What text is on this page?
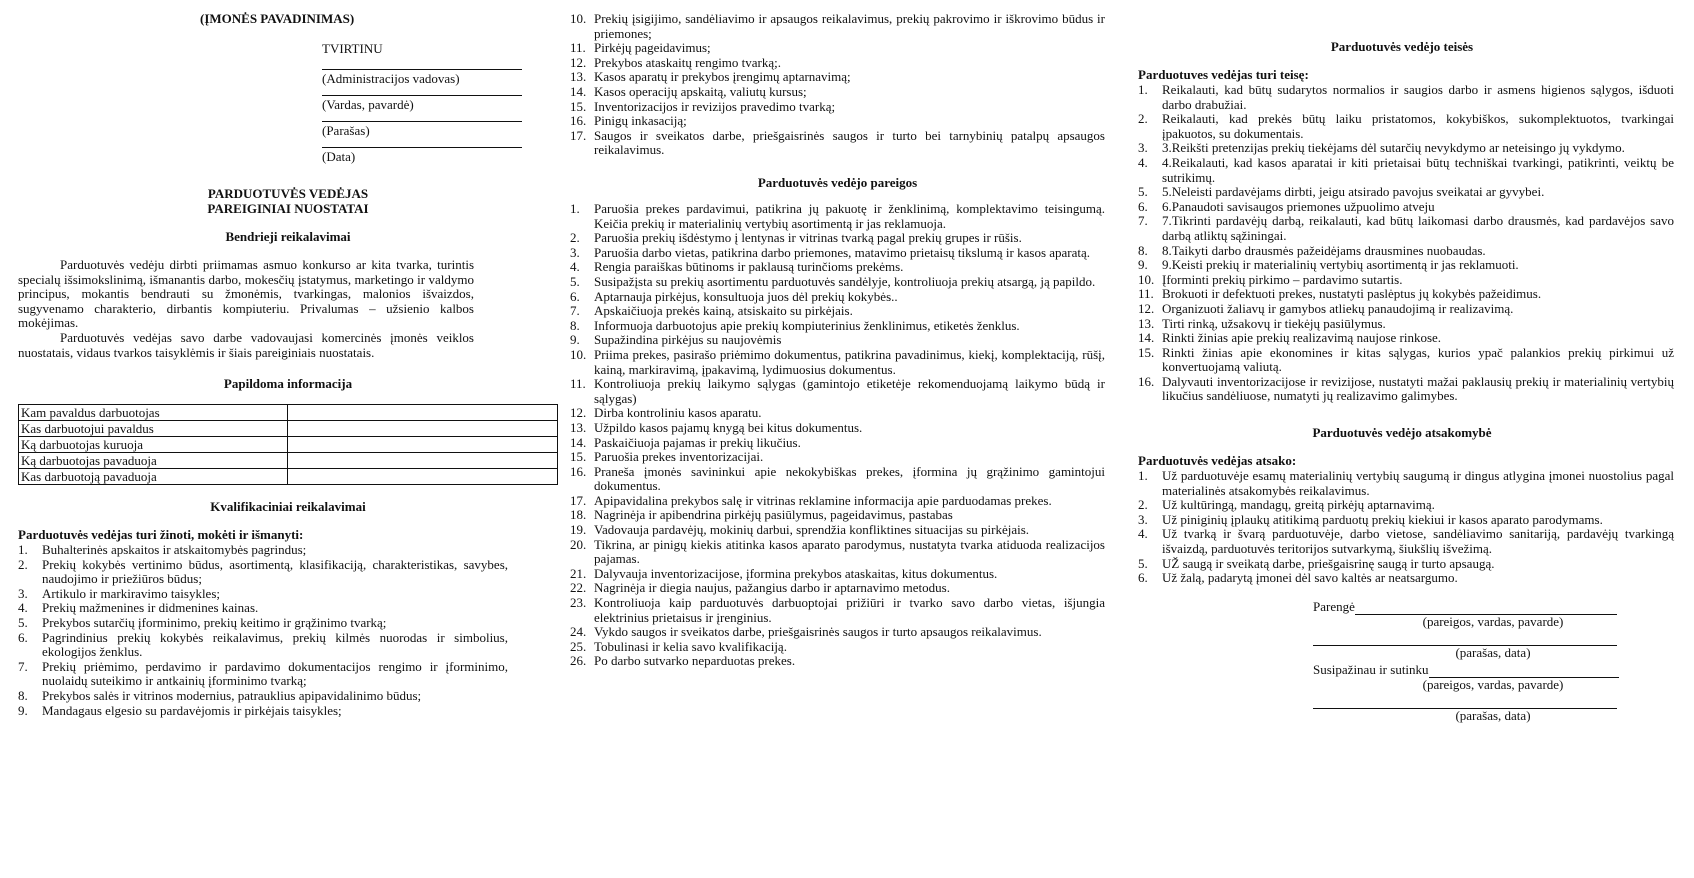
(ĮMONĖS PAVADINIMAS)
TVIRTINU
(Administracijos vadovas)
(Vardas, pavardė)
(Parašas)
(Data)
PARDUOTUVĖS VEDĖJAS
PAREIGINIAI NUOSTATAI
Bendrieji reikalavimai
Parduotuvės vedėju dirbti priimamas asmuo konkurso ar kita tvarka, turintis specialų išsimokslinimą, išmanantis darbo, mokesčių įstatymus, marketingo ir valdymo principus, mokantis bendrauti su žmonėmis, tvarkingas, malonios išvaizdos, sugyvenamo charakterio, dirbantis kompiuteriu. Privalumas – užsienio kalbos mokėjimas.
Parduotuvės vedėjas savo darbe vadovaujasi komercinės įmonės veiklos nuostatais, vidaus tvarkos taisyklėmis ir šiais pareiginiais nuostatais.
Papildoma informacija
Kam pavaldus darbuotojas	
Kas darbuotojui pavaldus	
Ką darbuotojas kuruoja	
Ką darbuotojas pavaduoja	
Kas darbuotoją pavaduoja	
Kvalifikaciniai reikalavimai
Parduotuvės vedėjas turi žinoti, mokėti ir išmanyti:
1. Buhalterinės apskaitos ir atskaitomybės pagrindus;
2. Prekių kokybės vertinimo būdus, asortimentą, klasifikaciją, charakteristikas, savybes, naudojimo ir priežiūros būdus;
3. Artikulo ir markiravimo taisykles;
4. Prekių mažmenines ir didmenines kainas.
5. Prekybos sutarčių įforminimo, prekių keitimo ir grąžinimo tvarką;
6. Pagrindinius prekių kokybės reikalavimus, prekių kilmės nuorodas ir simbolius, ekologijos ženklus.
7. Prekių priėmimo, perdavimo ir pardavimo dokumentacijos rengimo ir įforminimo, nuolaidų suteikimo ir antkainių įforminimo tvarką;
8. Prekybos salės ir vitrinos modernius, patrauklius apipavidalinimo būdus;
9. Mandagaus elgesio su pardavėjomis ir pirkėjais taisykles;
10. Prekių įsigijimo, sandėliavimo ir apsaugos reikalavimus, prekių pakrovimo ir iškrovimo būdus ir priemones;
11. Pirkėjų pageidavimus;
12. Prekybos ataskaitų rengimo tvarką;.
13. Kasos aparatų ir prekybos įrengimų aptarnavimą;
14. Kasos operacijų apskaitą, valiutų kursus;
15. Inventorizacijos ir revizijos pravedimo tvarką;
16. Pinigų inkasaciją;
17. Saugos ir sveikatos darbe, priešgaisrinės saugos ir turto bei tarnybinių patalpų apsaugos reikalavimus.
Parduotuvės vedėjo pareigos
1. Paruošia prekes pardavimui, patikrina jų pakuotę ir ženklinimą, komplektavimo teisingumą. Keičia prekių ir materialinių vertybių asortimentą ir jas reklamuoja.
2. Paruošia prekių išdėstymo į lentynas ir vitrinas tvarką pagal prekių grupes ir rūšis.
3. Paruošia darbo vietas, patikrina darbo priemones, matavimo prietaisų tikslumą ir kasos aparatą.
4. Rengia paraiškas būtinoms ir paklausą turinčioms prekėms.
5. Susipažįsta su prekių asortimentu parduotuvės sandėlyje, kontroliuoja prekių atsargą, ją papildo.
6. Aptarnauja pirkėjus, konsultuoja juos dėl prekių kokybės..
7. Apskaičiuoja prekės kainą, atsiskaito su pirkėjais.
8. Informuoja darbuotojus apie prekių kompiuterinius ženklinimus, etiketės ženklus.
9. Supažindina pirkėjus su naujovėmis
10. Priima prekes, pasirašo priėmimo dokumentus, patikrina pavadinimus, kiekį, komplektaciją, rūšį, kainą, markiravimą, įpakavimą, lydimuosius dokumentus.
11. Kontroliuoja prekių laikymo sąlygas (gamintojo etiketėje rekomenduojamą laikymo būdą ir sąlygas)
12. Dirba kontroliniu kasos aparatu.
13. Užpildo kasos pajamų knygą bei kitus dokumentus.
14. Paskaičiuoja pajamas ir prekių likučius.
15. Paruošia prekes inventorizacijai.
16. Praneša įmonės savininkui apie nekokybiškas prekes, įformina jų grąžinimo gamintojui dokumentus.
17. Apipavidalina prekybos salę ir vitrinas reklamine informacija apie parduodamas prekes.
18. Nagrinėja ir apibendrina pirkėjų pasiūlymus, pageidavimus, pastabas
19. Vadovauja pardavėjų, mokinių darbui, sprendžia konfliktines situacijas su pirkėjais.
20. Tikrina, ar pinigų kiekis atitinka kasos aparato parodymus, nustatyta tvarka atiduoda realizacijos pajamas.
21. Dalyvauja inventorizacijose, įformina prekybos ataskaitas, kitus dokumentus.
22. Nagrinėja ir diegia naujus, pažangius darbo ir aptarnavimo metodus.
23. Kontroliuoja kaip parduotuvės darbuoptojai prižiūri ir tvarko savo darbo vietas, išjungia elektrinius prietaisus ir įrenginius.
24. Vykdo saugos ir sveikatos darbe, priešgaisrinės saugos ir turto apsaugos reikalavimus.
25. Tobulinasi ir kelia savo kvalifikaciją.
26. Po darbo sutvarko neparduotas prekes.
Parduotuvės vedėjo teisės
Parduotuves vedėjas turi teisę:
1. Reikalauti, kad būtų sudarytos normalios ir saugios darbo ir asmens higienos sąlygos, išduoti darbo drabužiai.
2. Reikalauti, kad prekės būtų laiku pristatomos, kokybiškos, sukomplektuotos, tvarkingai įpakuotos, su dokumentais.
3. 3.Reikšti pretenzijas prekių tiekėjams dėl sutarčių nevykdymo ar neteisingo jų vykdymo.
4. 4.Reikalauti, kad kasos aparatai ir kiti prietaisai būtų techniškai tvarkingi, patikrinti, veiktų be sutrikimų.
5. 5.Neleisti pardavėjams dirbti, jeigu atsirado pavojus sveikatai ar gyvybei.
6. 6.Panaudoti savisaugos priemones užpuolimo atveju
7. 7.Tikrinti pardavėjų darbą, reikalauti, kad būtų laikomasi darbo drausmės, kad pardavėjos savo darbą atliktų sąžiningai.
8. 8.Taikyti darbo drausmės pažeidėjams drausmines nuobaudas.
9. 9.Keisti prekių ir materialinių vertybių asortimentą ir jas reklamuoti.
10. Įforminti prekių pirkimo – pardavimo sutartis.
11. Brokuoti ir defektuoti prekes, nustatyti paslėptus jų kokybės pažeidimus.
12. Organizuoti žaliavų ir gamybos atliekų panaudojimą ir realizavimą.
13. Tirti rinką, užsakovų ir tiekėjų pasiūlymus.
14. Rinkti žinias apie prekių realizavimą naujose rinkose.
15. Rinkti žinias apie ekonomines ir kitas sąlygas, kurios ypač palankios prekių pirkimui už konvertuojamą valiutą.
16. Dalyvauti inventorizacijose ir revizijose, nustatyti mažai paklausių prekių ir materialinių vertybių likučius sandėliuose, numatyti jų realizavimo galimybes.
Parduotuvės vedėjo atsakomybė
Parduotuvės vedėjas atsako:
1. Už parduotuvėje esamų materialinių vertybių saugumą ir dingus atlygina įmonei nuostolius pagal materialinės atsakomybės reikalavimus.
2. Už kultūringą, mandagų, greitą pirkėjų aptarnavimą.
3. Už piniginių įplaukų atitikimą parduotų prekių kiekiui ir kasos aparato parodymams.
4. Už tvarką ir švarą parduotuvėje, darbo vietose, sandėliavimo sanitariją, pardavėjų tvarkingą išvaizdą, parduotuvės teritorijos sutvarkymą, šiukšlių išvežimą.
5. UŽ saugą ir sveikatą darbe, priešgaisrinę saugą ir turto apsaugą.
6. Už žalą, padarytą įmonei dėl savo kaltės ar neatsargumo.
Parengė
(pareigos, vardas, pavarde)
(parašas, data)
Susipažinau ir sutinku
(pareigos, vardas, pavarde)
(parašas, data)
